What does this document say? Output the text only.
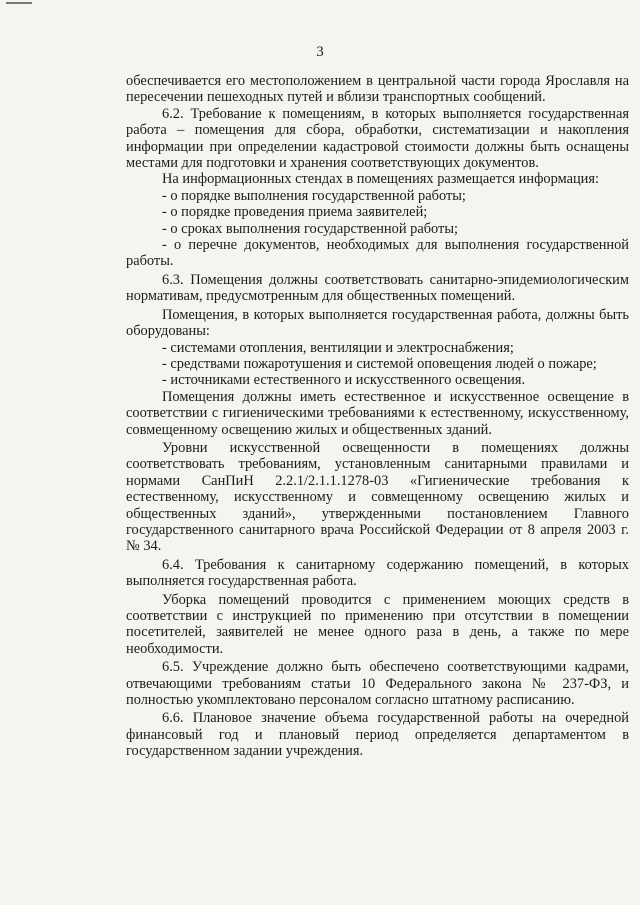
3

обеспечивается его местоположением в центральной части города Ярославля на пересечении пешеходных путей и вблизи транспортных сообщений.

6.2. Требование к помещениям, в которых выполняется государственная работа – помещения для сбора, обработки, систематизации и накопления информации при определении кадастровой стоимости должны быть оснащены местами для подготовки и хранения соответствующих документов.

На информационных стендах в помещениях размещается информация:

- о порядке выполнения государственной работы;

- о порядке проведения приема заявителей;

- о сроках выполнения государственной работы;

- о перечне документов, необходимых для выполнения государственной работы.

6.3. Помещения должны соответствовать санитарно-эпидемиологическим нормативам, предусмотренным для общественных помещений.

Помещения, в которых выполняется государственная работа, должны быть оборудованы:

- системами отопления, вентиляции и электроснабжения;

- средствами пожаротушения и системой оповещения людей о пожаре;

- источниками естественного и искусственного освещения.

Помещения должны иметь естественное и искусственное освещение в соответствии с гигиеническими требованиями к естественному, искусственному, совмещенному освещению жилых и общественных зданий.

Уровни искусственной освещенности в помещениях должны соответствовать требованиям, установленным санитарными правилами и нормами СанПиН 2.2.1/2.1.1.1278-03 «Гигиенические требования к естественному, искусственному и совмещенному освещению жилых и общественных зданий», утвержденными постановлением Главного государственного санитарного врача Российской Федерации от 8 апреля 2003 г. № 34.

6.4. Требования к санитарному содержанию помещений, в которых выполняется государственная работа.

Уборка помещений проводится с применением моющих средств в соответствии с инструкцией по применению при отсутствии в помещении посетителей, заявителей не менее одного раза в день, а также по мере необходимости.

6.5. Учреждение должно быть обеспечено соответствующими кадрами, отвечающими требованиям статьи 10 Федерального закона № 237-ФЗ, и полностью укомплектовано персоналом согласно штатному расписанию.

6.6. Плановое значение объема государственной работы на очередной финансовый год и плановый период определяется департаментом в государственном задании учреждения.
